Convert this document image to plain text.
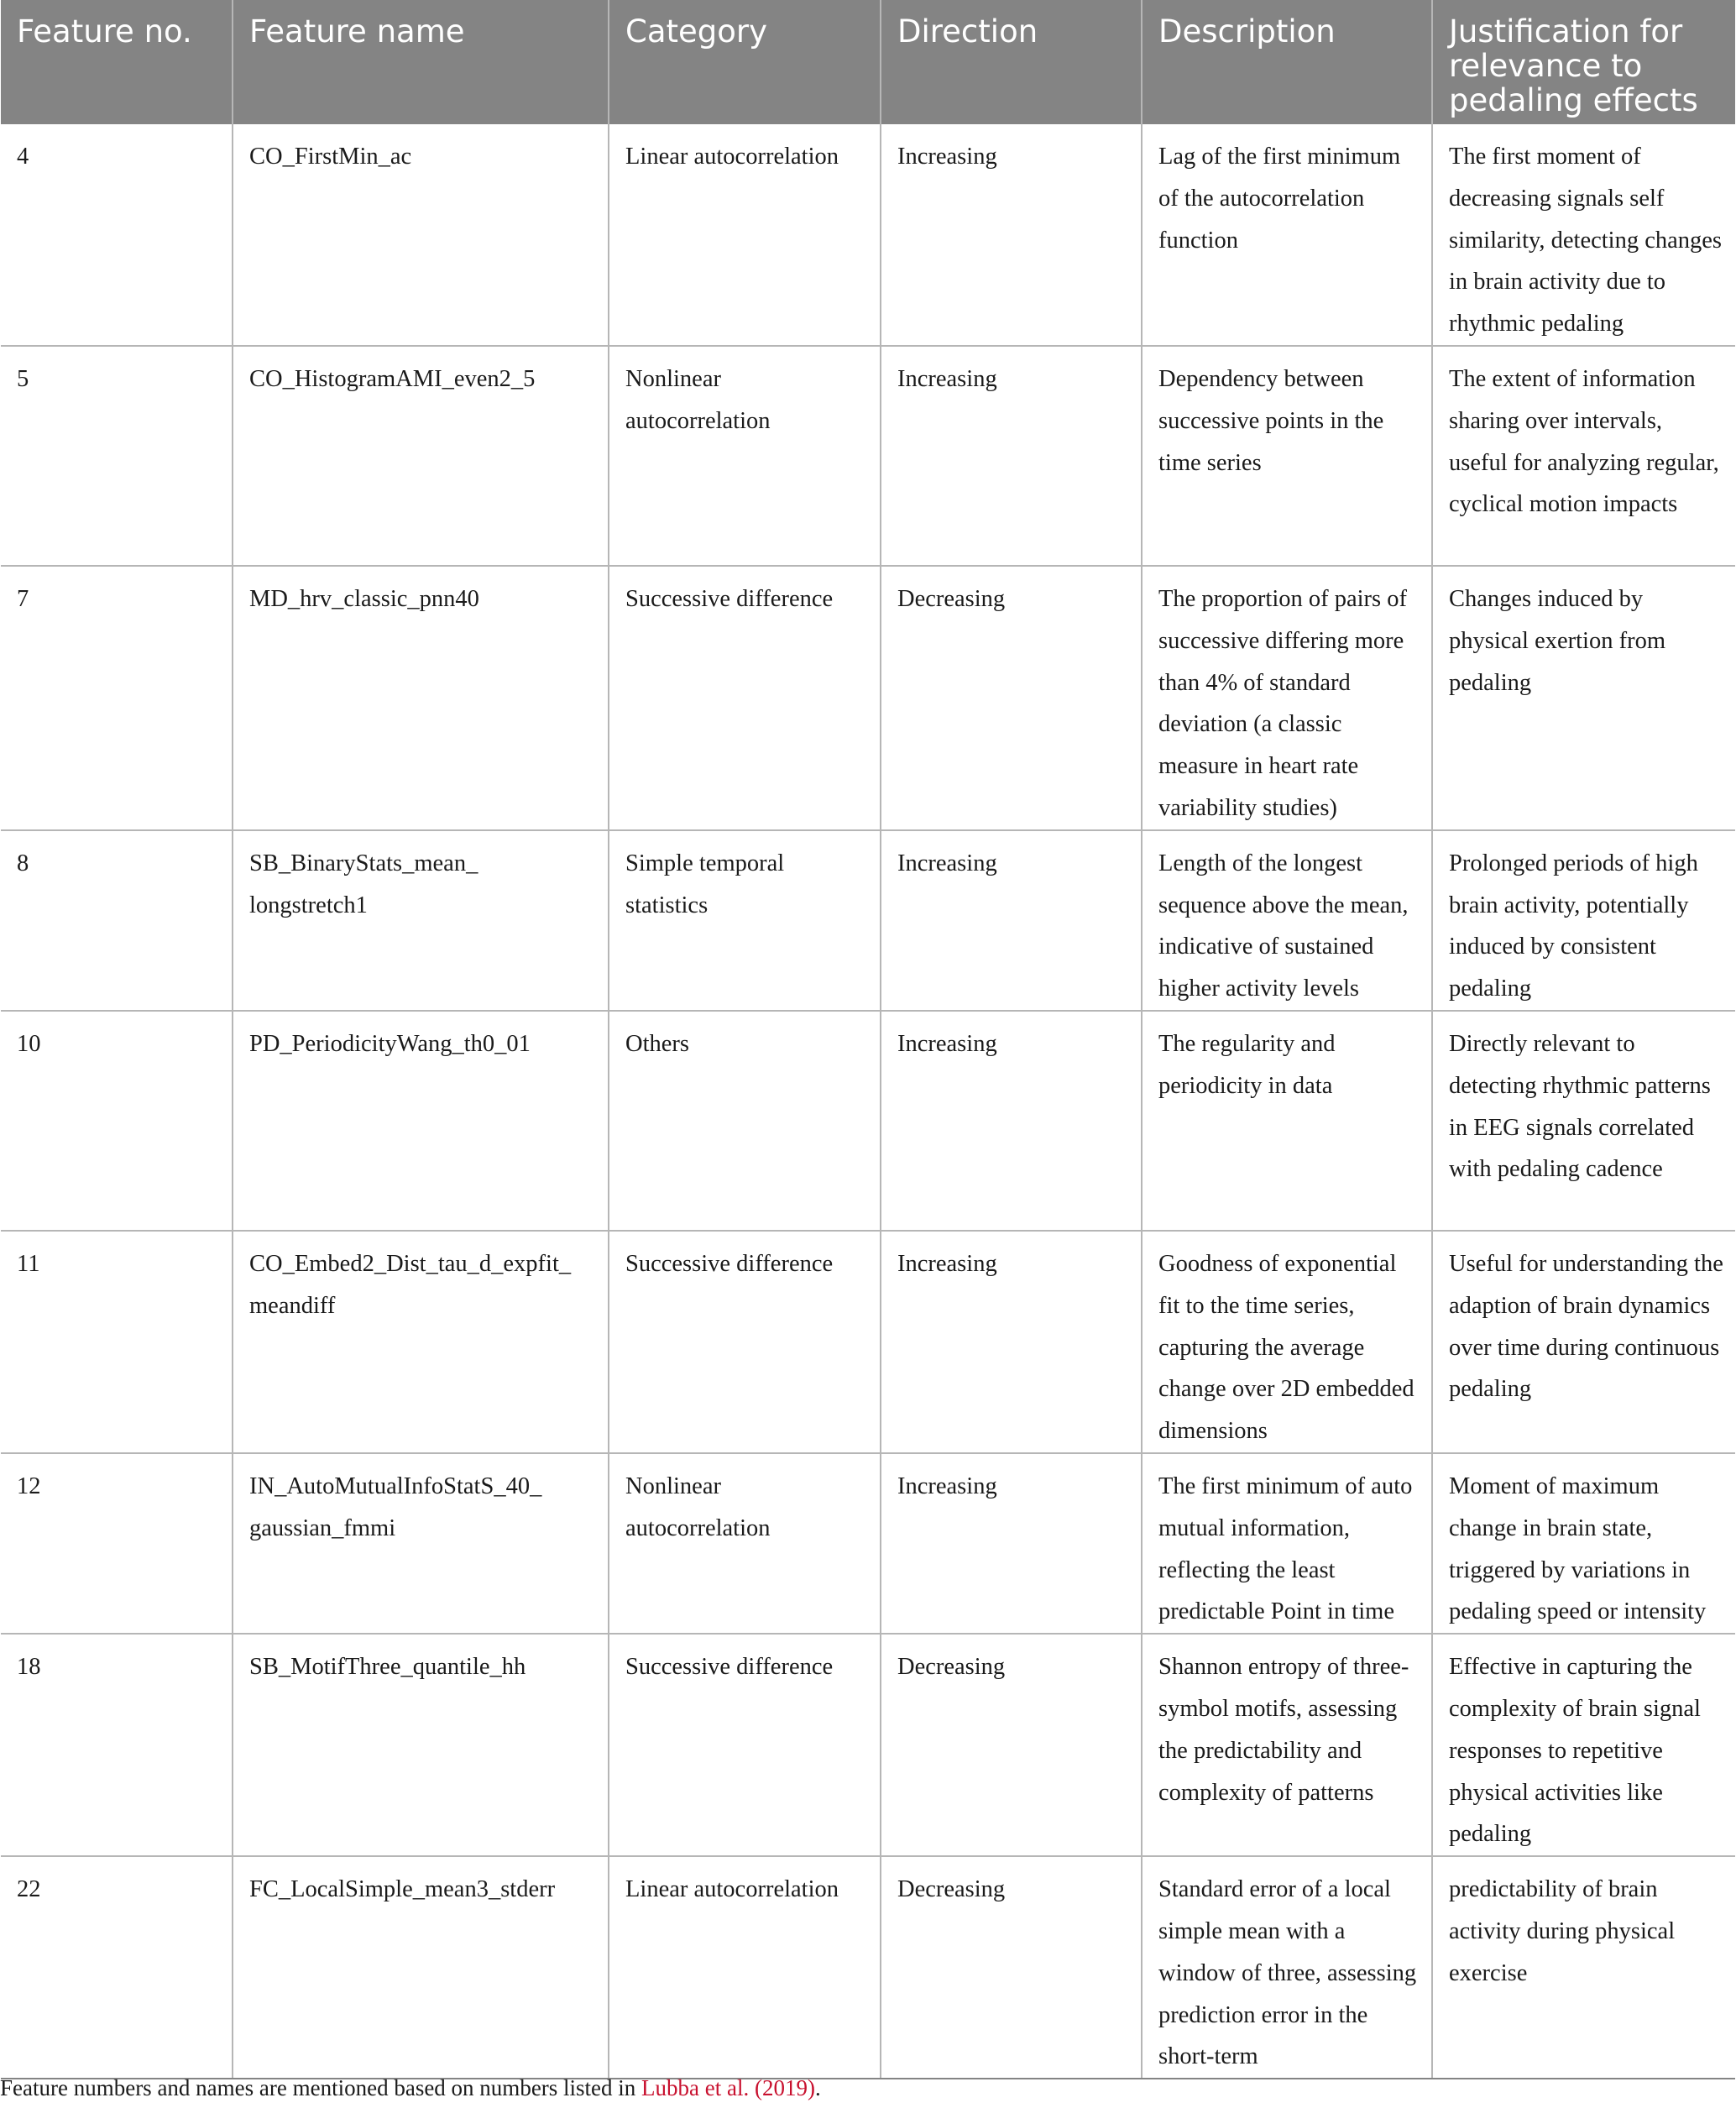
Feature no.	Feature name	Category	Direction	Description	Justification for relevance to pedaling effects
4	CO_FirstMin_ac	Linear autocorrelation	Increasing	Lag of the first minimum of the autocorrelation function	The first moment of decreasing signals self similarity, detecting changes in brain activity due to rhythmic pedaling
5	CO_HistogramAMI_even2_5	Nonlinear autocorrelation	Increasing	Dependency between successive points in the time series	The extent of information sharing over intervals, useful for analyzing regular, cyclical motion impacts
7	MD_hrv_classic_pnn40	Successive difference	Decreasing	The proportion of pairs of successive differing more than 4% of standard deviation (a classic measure in heart rate variability studies)	Changes induced by physical exertion from pedaling
8	SB_BinaryStats_mean_ longstretch1	Simple temporal statistics	Increasing	Length of the longest sequence above the mean, indicative of sustained higher activity levels	Prolonged periods of high brain activity, potentially induced by consistent pedaling
10	PD_PeriodicityWang_th0_01	Others	Increasing	The regularity and periodicity in data	Directly relevant to detecting rhythmic patterns in EEG signals correlated with pedaling cadence
11	CO_Embed2_Dist_tau_d_expfit_ meandiff	Successive difference	Increasing	Goodness of exponential fit to the time series, capturing the average change over 2D embedded dimensions	Useful for understanding the adaption of brain dynamics over time during continuous pedaling
12	IN_AutoMutualInfoStatS_40_ gaussian_fmmi	Nonlinear autocorrelation	Increasing	The first minimum of auto mutual information, reflecting the least predictable Point in time	Moment of maximum change in brain state, triggered by variations in pedaling speed or intensity
18	SB_MotifThree_quantile_hh	Successive difference	Decreasing	Shannon entropy of three-symbol motifs, assessing the predictability and complexity of patterns	Effective in capturing the complexity of brain signal responses to repetitive physical activities like pedaling
22	FC_LocalSimple_mean3_stderr	Linear autocorrelation	Decreasing	Standard error of a local simple mean with a window of three, assessing prediction error in the short-term	predictability of brain activity during physical exercise
Feature numbers and names are mentioned based on numbers listed in Lubba et al. (2019).
